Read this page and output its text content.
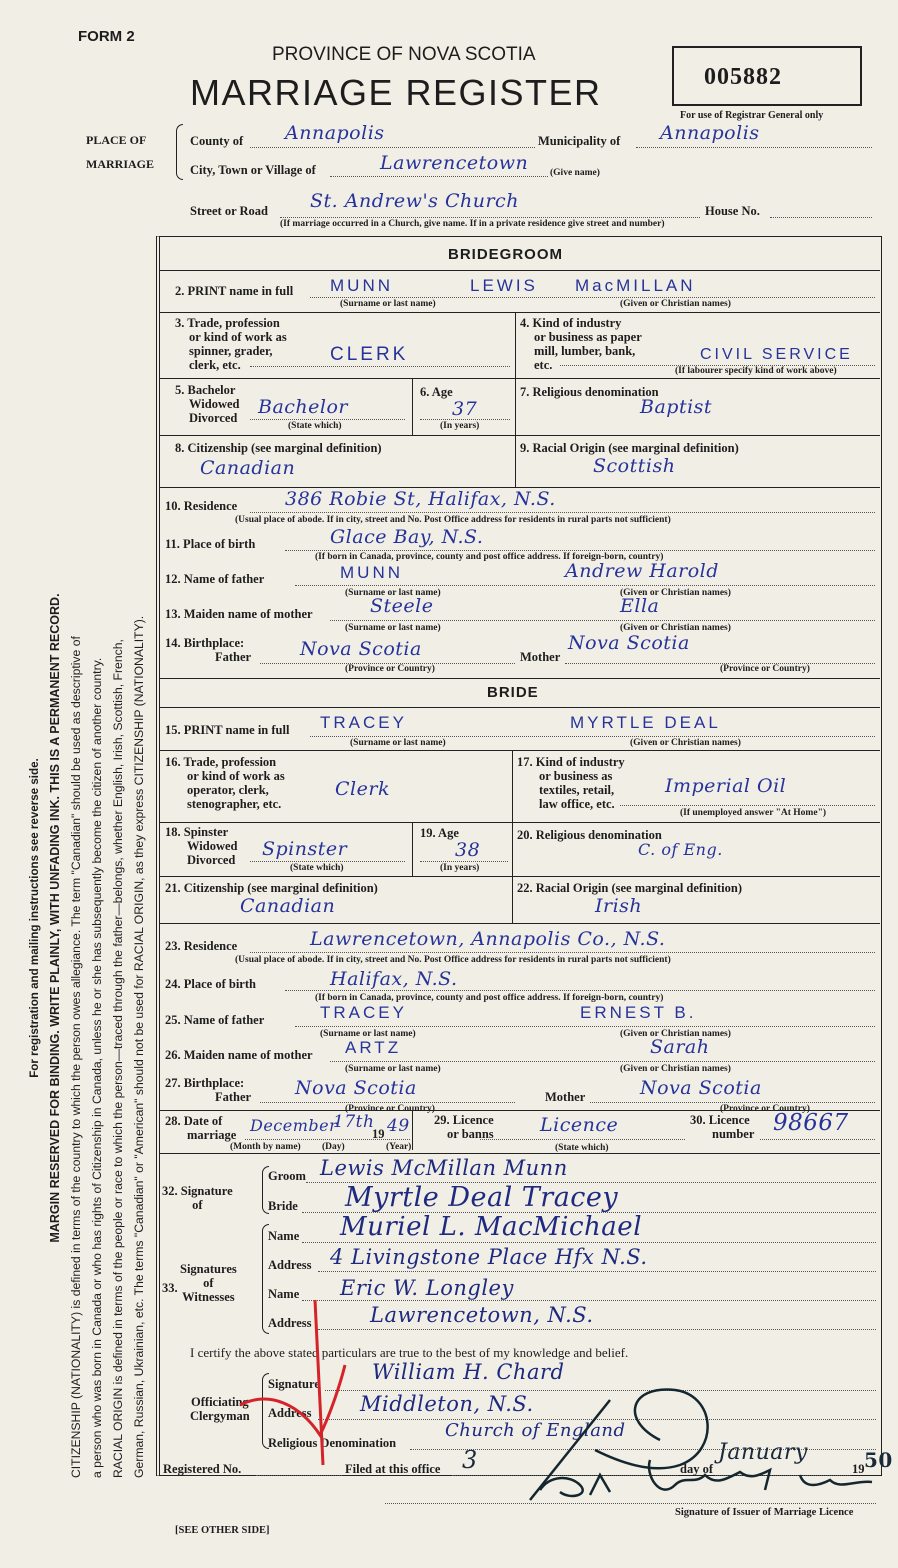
FORM 2
PROVINCE OF NOVA SCOTIA
MARRIAGE REGISTER	005882
For use of Registrar General only
PLACE OF
MARRIAGE
County of Annapolis	Municipality of Annapolis
City, Town or Village of	Lawrencetown (Give name)
Street or Road St. Andrew's Church	House No.
(If marriage occurred in a Church, give name. If in a private residence give street and number)
For registration and mailing instructions see reverse side. MARGIN RESERVED FOR BINDING. WRITE PLAINLY, WITH UNFADING INK. THIS IS A PERMANENT RECORD. CITIZENSHIP (NATIONALITY) is defined in terms of the country to which the person owes allegiance. The term "Canadian" should be used as descriptive of a person who was born in Canada or who has rights of Citizenship in Canada, unless he or she has subsequently become the citizen of another country. RACIAL ORIGIN is defined in terms of the people or race to which the person—traced through the father—belongs, whether English, Irish, Scottish, French, German, Russian, Ukrainian, etc. The terms "Canadian" or "American" should not be used for RACIAL ORIGIN, as they express CITIZENSHIP (NATIONALITY).
BRIDEGROOM
2. PRINT name in full MUNN	LEWIS MacMILLAN
(Surname or last name)	(Given or Christian names)
3. Trade, profession
or kind of work as
spinner, grader,
clerk, etc.	CLERK
4. Kind of industry
or business as paper
mill, lumber, bank,
etc.
CIVIL SERVICE
(If labourer specify kind of work above)
5. Bachelor
Widowed
Divorced Bachelor
(State which)
6. Age
37
(In years)
7. Religious denomination
Baptist
8. Citizenship (see marginal definition)
Canadian
9. Racial Origin (see marginal definition)
Scottish
10. Residence	386 Robie St, Halifax, N.S.
(Usual place of abode. If in city, street and No. Post Office address for residents in rural parts not sufficient)
11. Place of birth	Glace Bay, N.S.
(If born in Canada, province, county and post office address. If foreign-born, country)
12. Name of father	MUNN	Andrew Harold
(Surname or last name)	(Given or Christian names)
13. Maiden name of mother	Steele	Ella
(Surname or last name)	(Given or Christian names)
14. Birthplace:
Father	Nova Scotia	Mother
Nova Scotia
(Province or Country)	(Province or Country)
BRIDE
15. PRINT name in full TRACEY	MYRTLE DEAL
(Surname or last name)	(Given or Christian names)
16. Trade, profession
or kind of work as
operator, clerk,
stenographer, etc.
Clerk
17. Kind of industry
or business as
textiles, retail,
law office, etc.
Imperial Oil
(If unemployed answer "At Home")
18. Spinster
Widowed
Divorced Spinster
(State which)
19. Age
38
(In years)
20. Religious denomination
C. of Eng.
21. Citizenship (see marginal definition)
Canadian
22. Racial Origin (see marginal definition)
Irish
23. Residence	Lawrencetown, Annapolis Co., N.S.
(Usual place of abode. If in city, street and No. Post Office address for residents in rural parts not sufficient)
24. Place of birth	Halifax, N.S.
(If born in Canada, province, county and post office address. If foreign-born, country)
25. Name of father	TRACEY	ERNEST B.
(Surname or last name)	(Given or Christian names)
26. Maiden name of mother ARTZ	Sarah
(Surname or last name)	(Given or Christian names)
27. Birthplace:
Father Nova Scotia	Mother	Nova Scotia
(Province or Country)	(Province or Country)
28. Date of
marriage December
17th
19 49
(Month by name) (Day)	(Year)
29. Licence
or banns Licence
(State which)
30. Licence
number 98667
32. Signature
of
Groom Lewis McMillan Munn
Bride Myrtle Deal Tracey
33.
Signatures
of
Witnesses
Name Muriel L. MacMichael
Address 4 Livingstone Place Hfx N.S.
Name Eric W. Longley
Address	Lawrencetown, N.S.
I certify the above stated particulars are true to the best of my knowledge and belief.
Officiating
Clergyman
Signature William H. Chard
Address Middleton, N.S.
Religious Denomination
Church of England
Registered No.	Filed at this office 3	day of
January
19 50
Signature of Issuer of Marriage Licence
[SEE OTHER SIDE]
